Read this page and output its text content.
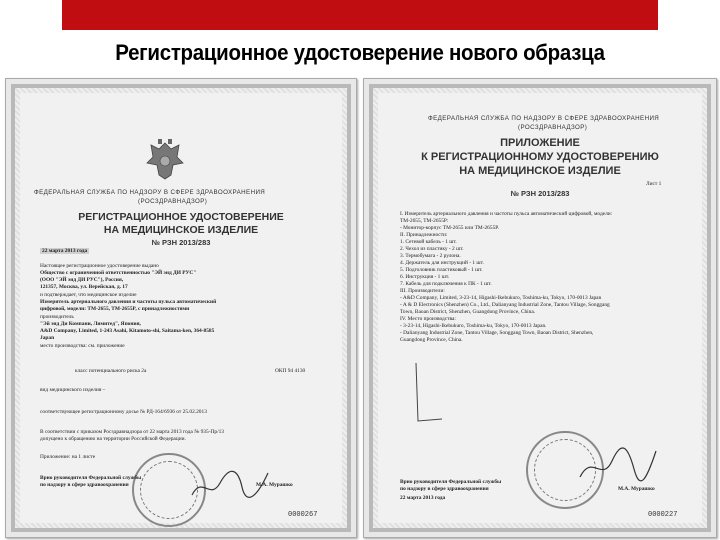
Регистрационное удостоверение нового образца
ФЕДЕРАЛЬНАЯ СЛУЖБА ПО НАДЗОРУ В СФЕРЕ ЗДРАВООХРАНЕНИЯ
(РОСЗДРАВНАДЗОР)
РЕГИСТРАЦИОННОЕ УДОСТОВЕРЕНИЕ
НА МЕДИЦИНСКОЕ ИЗДЕЛИЕ
№ РЗН 2013/283
22 марта 2013 года
Настоящее регистрационное удостоверение выдано
Общество с ограниченной ответственностью "ЭЙ энд ДИ РУС"
(ООО "ЭЙ энд ДИ РУС"), Россия,
121357, Москва, ул. Верейская, д. 17
и подтверждает, что медицинское изделие
Измеритель артериального давления и частоты пульса автоматический
цифровой, модели: TM-2655, TM-2655P, с принадлежностями
производитель
"Эй энд Ди Компани, Лимитед", Япония,
A&D Company, Limited, 1-243 Asahi, Kitamoto-shi, Saitama-ken, 364-8585
Japan
место производства: см. приложение
класс потенциального риска 2а	ОКП 94 4130
вид медицинского изделия –
соответствующее регистрационному досье № РД-164/6936 от 25.02.2013
В соответствии с приказом Росздравнадзора от 22 марта 2013 года № 935-Пр/13
допущено к обращению на территории Российской Федерации.
Приложение: на 1 листе
Врио руководителя Федеральной службы
по надзору в сфере здравоохранения	М.А. Мурашко
0000267
ФЕДЕРАЛЬНАЯ СЛУЖБА ПО НАДЗОРУ В СФЕРЕ ЗДРАВООХРАНЕНИЯ
(РОСЗДРАВНАДЗОР)
ПРИЛОЖЕНИЕ
К РЕГИСТРАЦИОННОМУ УДОСТОВЕРЕНИЮ
НА МЕДИЦИНСКОЕ ИЗДЕЛИЕ
Лист 1
№ РЗН 2013/283
I. Измеритель артериального давления и частоты пульса автоматический цифровой, модели:
TM-2655, TM-2655P:
- Монитор-корпус TM-2655 или TM-2655P.
II. Принадлежности:
1. Сетевой кабель - 1 шт.
2. Чехол из пластику - 2 шт.
3. Термобумага - 2 рулона.
4. Держатель для инструкций - 1 шт.
5. Подголовник пластиковый - 1 шт.
6. Инструкция - 1 шт.
7. Кабель для подключения к ПК - 1 шт.
III. Производители:
- A&D Company, Limited, 3-23-14, Higashi-Ikebukuro, Toshima-ku, Tokyo, 170-0013 Japan
- A & D Electronics (Shenzhen) Co., Ltd., Dalianyang Industrial Zone, Tantou Village, Songgang
Town, Baoan District, Shenzhen, Guangdong Province, China.
IV. Место производства:
- 3-23-14, Higashi-Ikebukuro, Toshima-ku, Tokyo, 170-0013 Japan.
- Dalianyang Industrial Zone, Tantou Village, Songgang Town, Baoan District, Shenzhen,
Guangdong Province, China.
Врио руководителя Федеральной службы
по надзору в сфере здравоохранения	М.А. Мурашко
22 марта 2013 года
0000227
